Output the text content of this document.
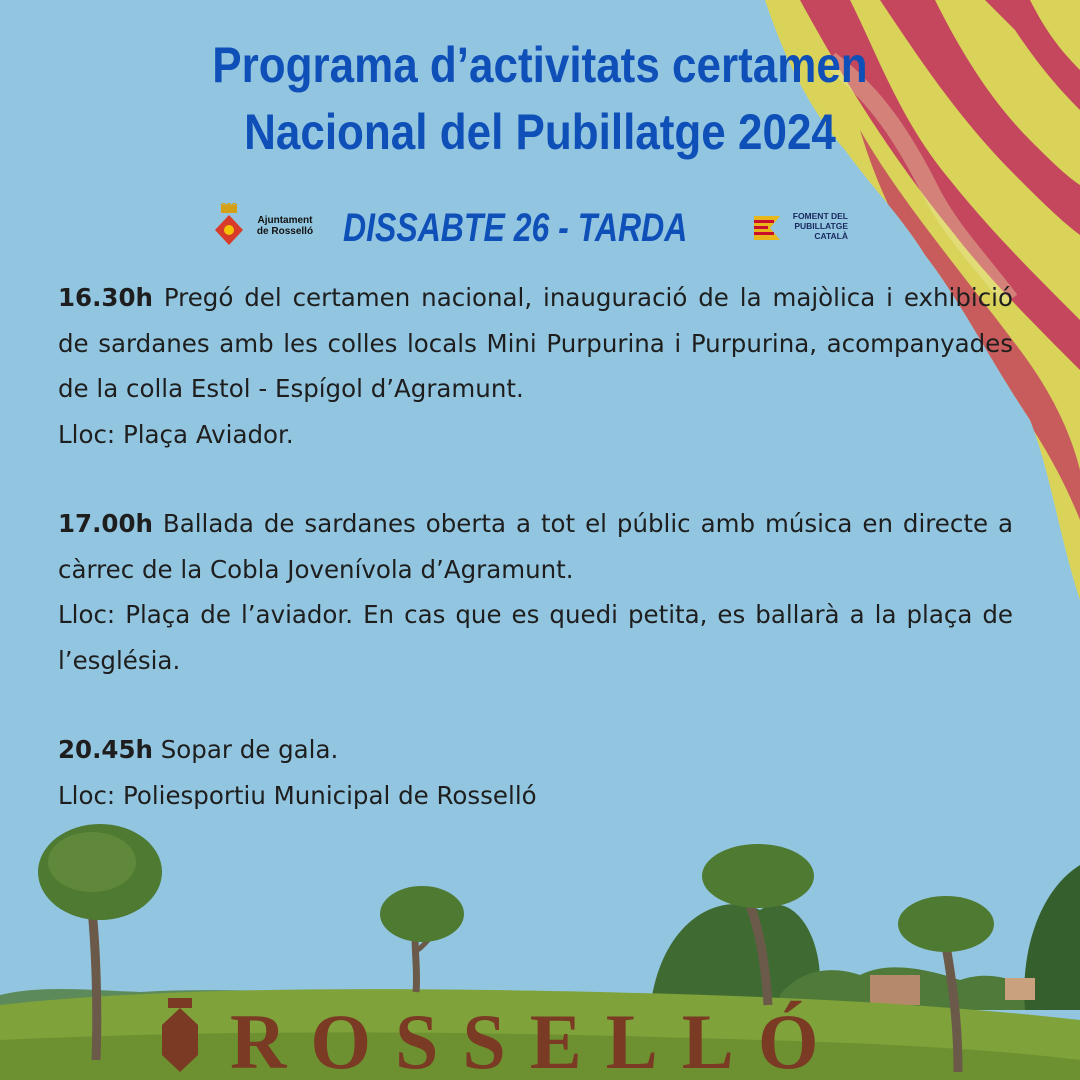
Programa d’activitats certamen
Nacional del Pubillatge 2024
Ajuntament
de Rosselló DISSABTE 26 - TARDA	FOMENT DEL
PUBILLATGE
CATALÀ

16.30h Pregó del certamen nacional, inauguració de la majòlica i exhibició de sardanes amb les colles locals Mini Purpurina i Purpurina, acompanyades de la colla Estol - Espígol d’Agramunt.

Lloc: Plaça Aviador.

17.00h Ballada de sardanes oberta a tot el públic amb música en directe a càrrec de la Cobla Jovenívola d’Agramunt.

Lloc: Plaça de l’aviador. En cas que es quedi petita, es ballarà a la plaça de l’església.

20.45h Sopar de gala.

Lloc: Poliesportiu Municipal de Rosselló

ROSSELLÓ
